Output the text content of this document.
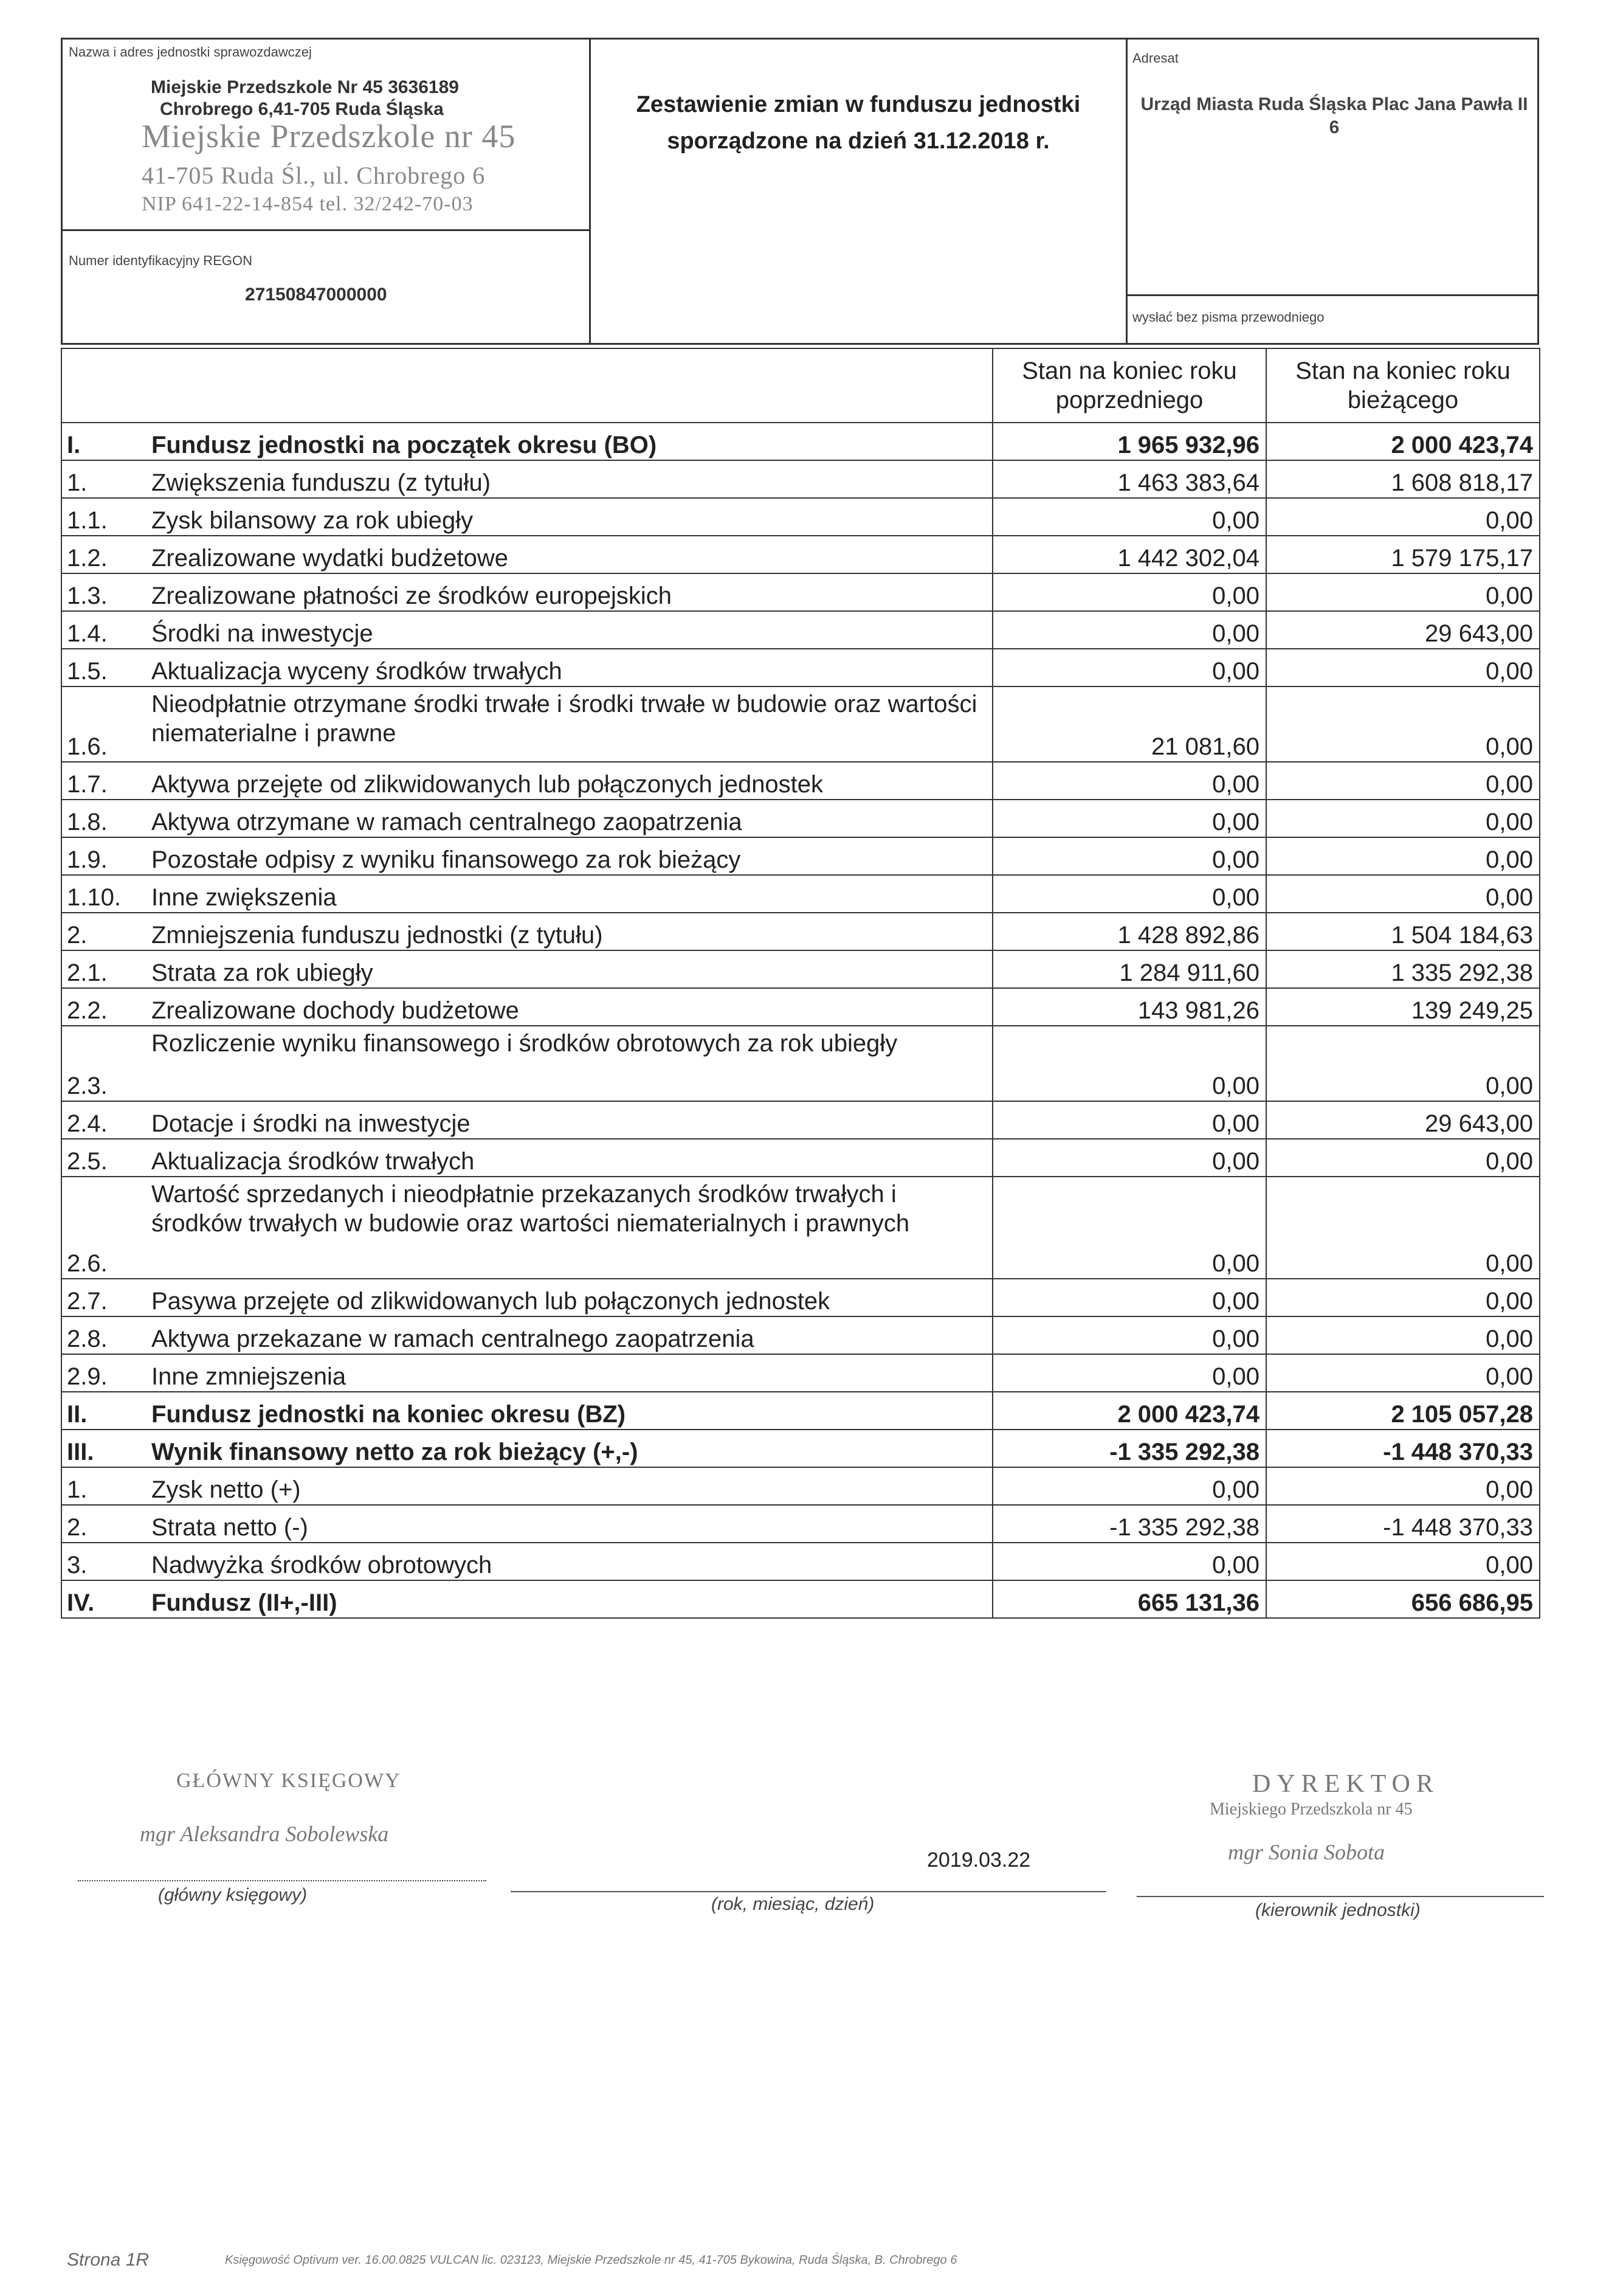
Nazwa i adres jednostki sprawozdawczej
Miejskie Przedszkole Nr 45 3636189
Chrobrego 6,41-705 Ruda Śląska
Miejskie Przedszkole nr 45
41-705 Ruda Śl., ul. Chrobrego 6
NIP 641-22-14-854 tel. 32/242-70-03
Numer identyfikacyjny REGON
27150847000000
Zestawienie zmian w funduszu jednostki
sporządzone na dzień 31.12.2018 r.
Adresat
Urząd Miasta Ruda Śląska Plac Jana Pawła II 6
wysłać bez pisma przewodniego
		Stan na koniec roku poprzedniego	Stan na koniec roku bieżącego
I.	Fundusz jednostki na początek okresu (BO)	1 965 932,96	2 000 423,74
1.	Zwiększenia funduszu (z tytułu)	1 463 383,64	1 608 818,17
1.1.	Zysk bilansowy za rok ubiegły	0,00	0,00
1.2.	Zrealizowane wydatki budżetowe	1 442 302,04	1 579 175,17
1.3.	Zrealizowane płatności ze środków europejskich	0,00	0,00
1.4.	Środki na inwestycje	0,00	29 643,00
1.5.	Aktualizacja wyceny środków trwałych	0,00	0,00
1.6.	Nieodpłatnie otrzymane środki trwałe i środki trwałe w budowie oraz wartości niematerialne i prawne	21 081,60	0,00
1.7.	Aktywa przejęte od zlikwidowanych lub połączonych jednostek	0,00	0,00
1.8.	Aktywa otrzymane w ramach centralnego zaopatrzenia	0,00	0,00
1.9.	Pozostałe odpisy z wyniku finansowego za rok bieżący	0,00	0,00
1.10.	Inne zwiększenia	0,00	0,00
2.	Zmniejszenia funduszu jednostki (z tytułu)	1 428 892,86	1 504 184,63
2.1.	Strata za rok ubiegły	1 284 911,60	1 335 292,38
2.2.	Zrealizowane dochody budżetowe	143 981,26	139 249,25
2.3.	Rozliczenie wyniku finansowego i środków obrotowych za rok ubiegły	0,00	0,00
2.4.	Dotacje i środki na inwestycje	0,00	29 643,00
2.5.	Aktualizacja środków trwałych	0,00	0,00
2.6.	Wartość sprzedanych i nieodpłatnie przekazanych środków trwałych i środków trwałych w budowie oraz wartości niematerialnych i prawnych	0,00	0,00
2.7.	Pasywa przejęte od zlikwidowanych lub połączonych jednostek	0,00	0,00
2.8.	Aktywa przekazane w ramach centralnego zaopatrzenia	0,00	0,00
2.9.	Inne zmniejszenia	0,00	0,00
II.	Fundusz jednostki na koniec okresu (BZ)	2 000 423,74	2 105 057,28
III.	Wynik finansowy netto za rok bieżący (+,-)	-1 335 292,38	-1 448 370,33
1.	Zysk netto (+)	0,00	0,00
2.	Strata netto (-)	-1 335 292,38	-1 448 370,33
3.	Nadwyżka środków obrotowych	0,00	0,00
IV.	Fundusz (II+,-III)	665 131,36	656 686,95
GŁÓWNY KSIĘGOWY
mgr Aleksandra Sobolewska
(główny księgowy)
2019.03.22
(rok, miesiąc, dzień)
DYREKTOR
Miejskiego Przedszkola nr 45
mgr Sonia Sobota
(kierownik jednostki)
Strona 1R	Księgowość Optivum ver. 16.00.0825 VULCAN lic. 023123, Miejskie Przedszkole nr 45, 41-705 Bykowina, Ruda Śląska, B. Chrobrego 6
